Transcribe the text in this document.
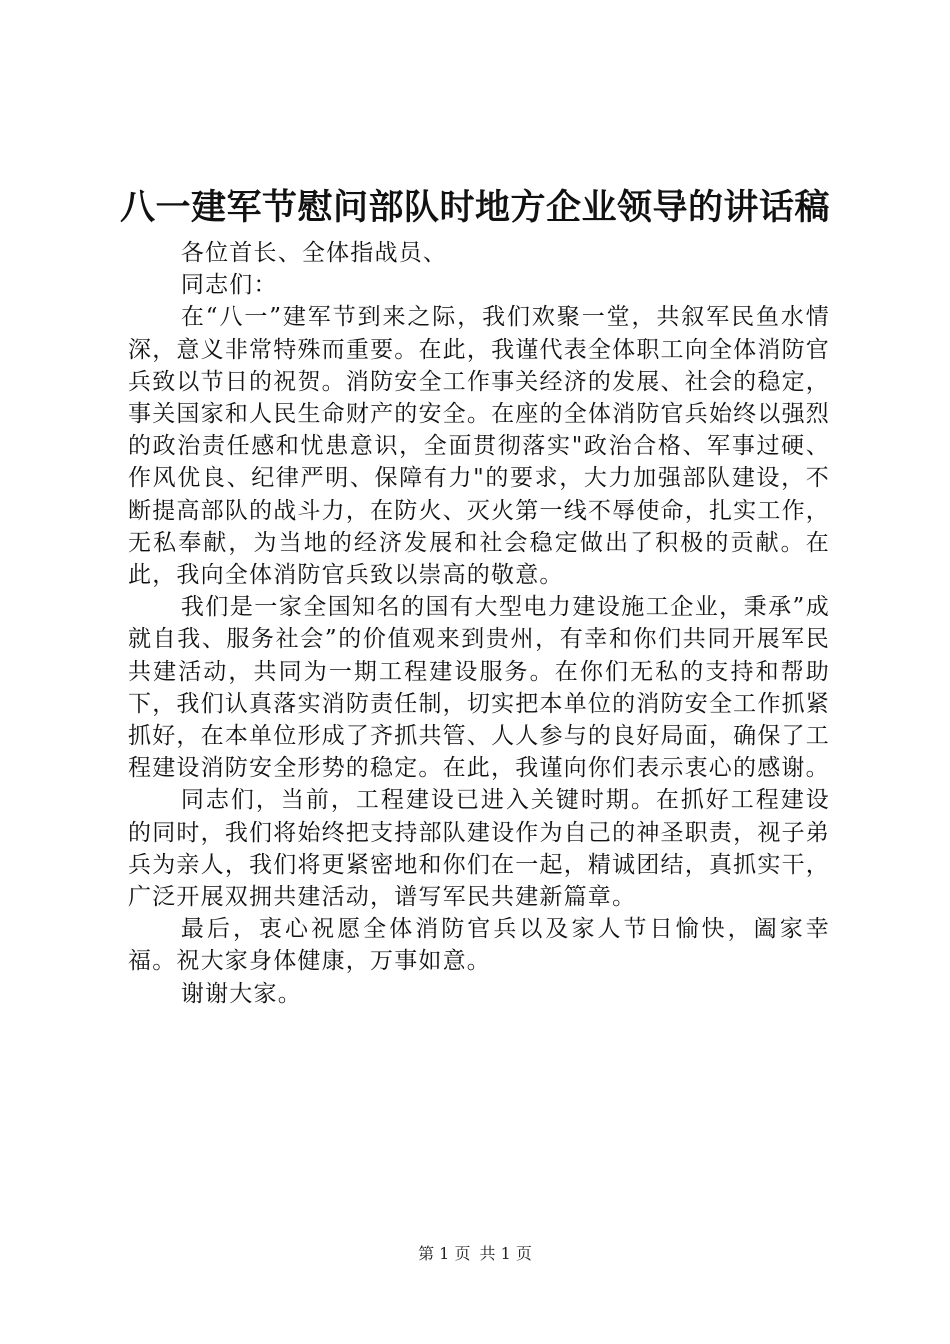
八一建军节慰问部队时地方企业领导的讲话稿

各位首长、全体指战员、

同志们：

在“八一”建军节到来之际，我们欢聚一堂，共叙军民鱼水情深，意义非常特殊而重要。在此，我谨代表全体职工向全体消防官兵致以节日的祝贺。消防安全工作事关经济的发展、社会的稳定，事关国家和人民生命财产的安全。在座的全体消防官兵始终以强烈的政治责任感和忧患意识，全面贯彻落实"政治合格、军事过硬、作风优良、纪律严明、保障有力"的要求，大力加强部队建设，不断提高部队的战斗力，在防火、灭火第一线不辱使命，扎实工作，无私奉献，为当地的经济发展和社会稳定做出了积极的贡献。在此，我向全体消防官兵致以崇高的敬意。

我们是一家全国知名的国有大型电力建设施工企业，秉承”成就自我、服务社会”的价值观来到贵州，有幸和你们共同开展军民共建活动，共同为一期工程建设服务。在你们无私的支持和帮助下，我们认真落实消防责任制，切实把本单位的消防安全工作抓紧抓好，在本单位形成了齐抓共管、人人参与的良好局面，确保了工程建设消防安全形势的稳定。在此，我谨向你们表示衷心的感谢。

同志们，当前，工程建设已进入关键时期。在抓好工程建设的同时，我们将始终把支持部队建设作为自己的神圣职责，视子弟兵为亲人，我们将更紧密地和你们在一起，精诚团结，真抓实干，广泛开展双拥共建活动，谱写军民共建新篇章。

最后，衷心祝愿全体消防官兵以及家人节日愉快，阖家幸福。祝大家身体健康，万事如意。

谢谢大家。

第 1 页 共 1 页
